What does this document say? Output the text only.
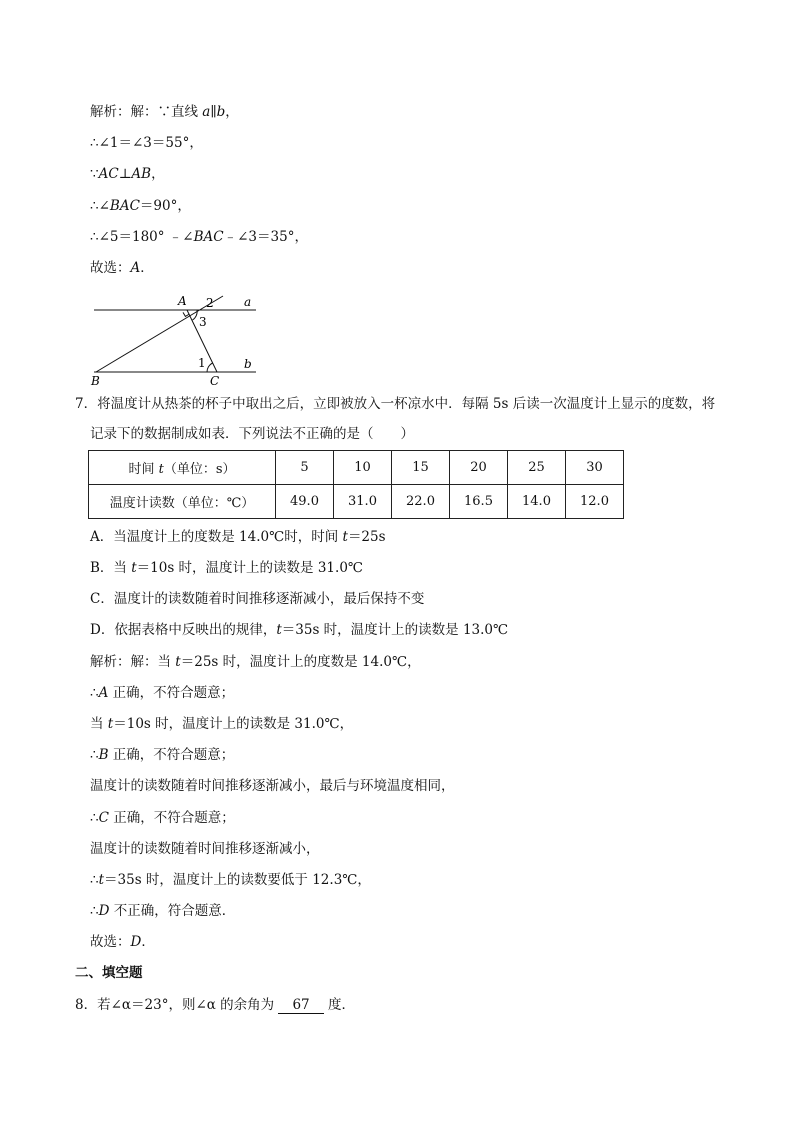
解析：解：∵直线 a∥b，
∴∠1＝∠3＝55°，
∵AC⊥AB，
∴∠BAC＝90°，
∴∠5＝180° ﹣∠BAC﹣∠3＝35°，
故选：A．
A 2	a
3
1	b
B	C
7．将温度计从热茶的杯子中取出之后，立即被放入一杯凉水中．每隔 5s 后读一次温度计上显示的度数，将
记录下的数据制成如表．下列说法不正确的是（　　）
时间 t（单位：s）	5	10	15	20	25	30
温度计读数（单位：℃）	49.0	31.0	22.0	16.5	14.0	12.0
A．当温度计上的度数是 14.0℃时，时间 t＝25s
B．当 t＝10s 时，温度计上的读数是 31.0℃
C．温度计的读数随着时间推移逐渐减小，最后保持不变
D．依据表格中反映出的规律，t＝35s 时，温度计上的读数是 13.0℃
解析：解：当 t＝25s 时，温度计上的度数是 14.0℃，
∴A 正确，不符合题意；
当 t＝10s 时，温度计上的读数是 31.0℃，
∴B 正确，不符合题意；
温度计的读数随着时间推移逐渐减小，最后与环境温度相同，
∴C 正确，不符合题意；
温度计的读数随着时间推移逐渐减小，
∴t＝35s 时，温度计上的读数要低于 12.3℃，
∴D 不正确，符合题意．
故选：D．
二、填空题
8．若∠α＝23°，则∠α 的余角为 67 度．
